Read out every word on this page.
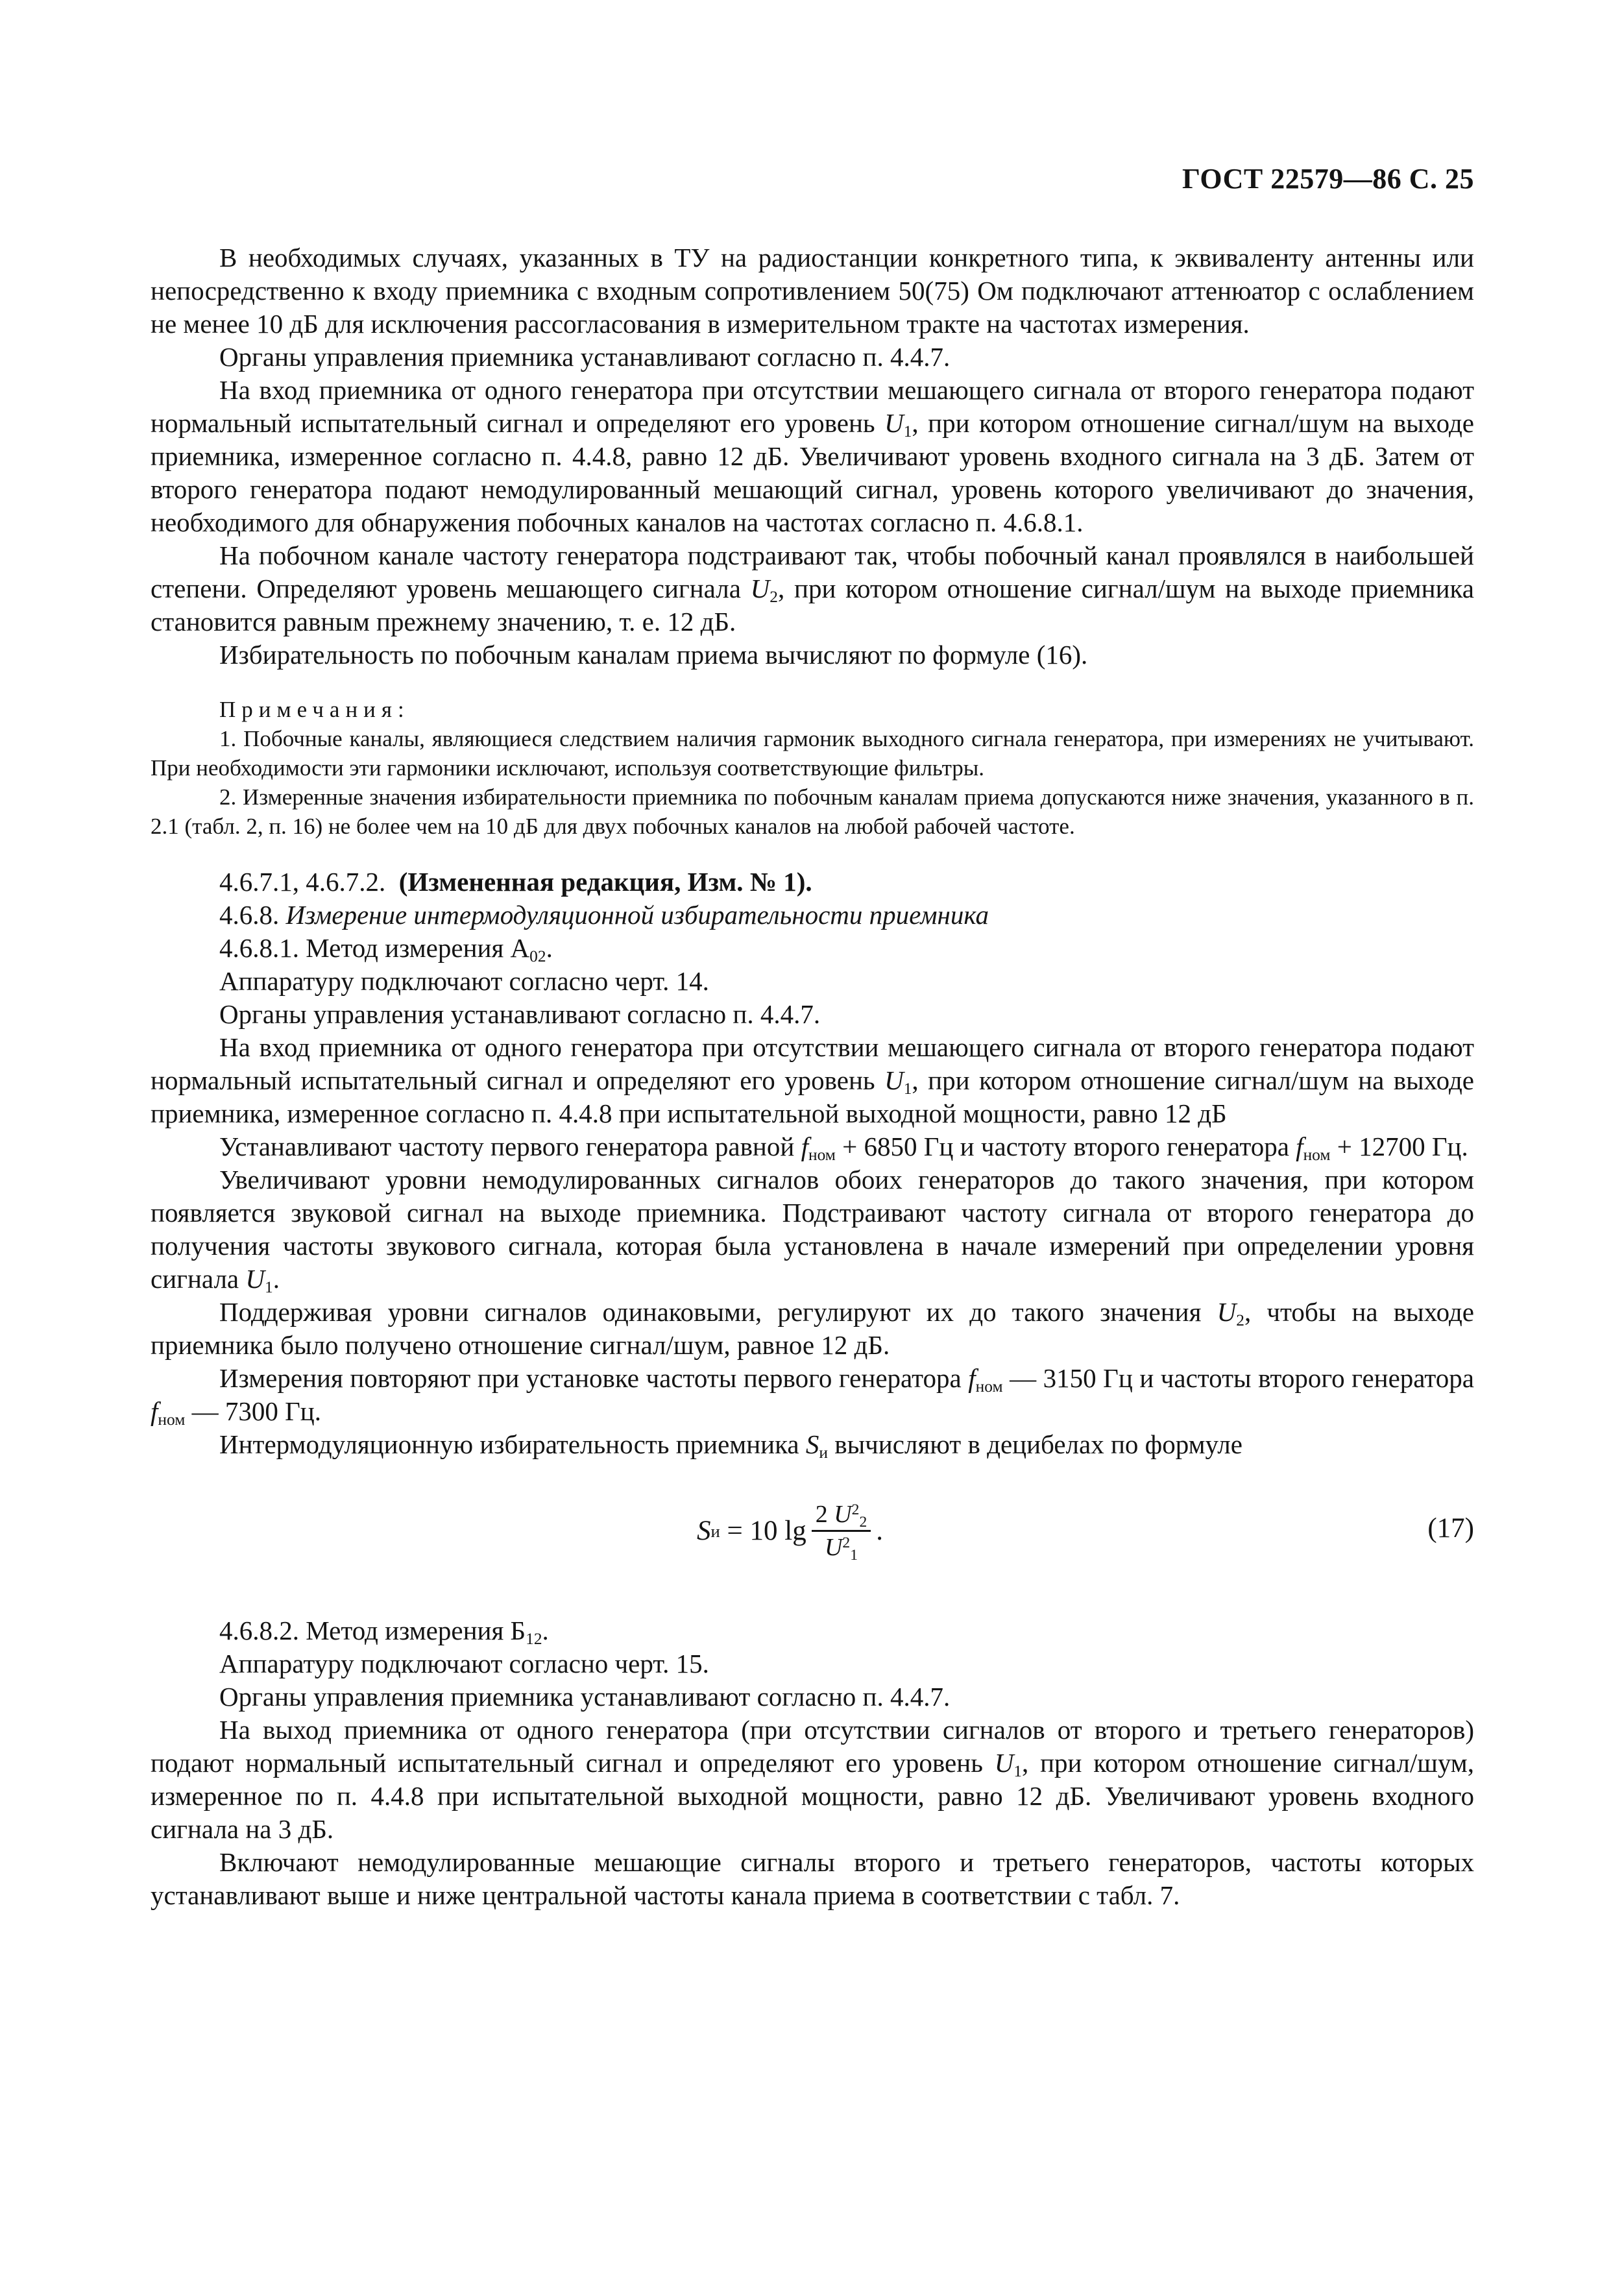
ГОСТ 22579—86 С. 25

В необходимых случаях, указанных в ТУ на радиостанции конкретного типа, к эквиваленту антенны или непосредственно к входу приемника с входным сопротивлением 50(75) Ом подключают аттенюатор с ослаблением не менее 10 дБ для исключения рассогласования в измерительном тракте на частотах измерения.

Органы управления приемника устанавливают согласно п. 4.4.7.

На вход приемника от одного генератора при отсутствии мешающего сигнала от второго генератора подают нормальный испытательный сигнал и определяют его уровень $U_1$, при котором отношение сигнал/шум на выходе приемника, измеренное согласно п. 4.4.8, равно 12 дБ. Увеличивают уровень входного сигнала на 3 дБ. Затем от второго генератора подают немодулированный мешающий сигнал, уровень которого увеличивают до значения, необходимого для обнаружения побочных каналов на частотах согласно п. 4.6.8.1.

На побочном канале частоту генератора подстраивают так, чтобы побочный канал проявлялся в наибольшей степени. Определяют уровень мешающего сигнала $U_2$, при котором отношение сигнал/шум на выходе приемника становится равным прежнему значению, т. е. 12 дБ.

Избирательность по побочным каналам приема вычисляют по формуле (16).

Примечания:

1. Побочные каналы, являющиеся следствием наличия гармоник выходного сигнала генератора, при измерениях не учитывают. При необходимости эти гармоники исключают, используя соответствующие фильтры.

2. Измеренные значения избирательности приемника по побочным каналам приема допускаются ниже значения, указанного в п. 2.1 (табл. 2, п. 16) не более чем на 10 дБ для двух побочных каналов на любой рабочей частоте.

4.6.7.1, 4.6.7.2. (Измененная редакция, Изм. № 1).

4.6.8. Измерение интермодуляционной избирательности приемника

4.6.8.1. Метод измерения $А_{02}$.

Аппаратуру подключают согласно черт. 14.

Органы управления устанавливают согласно п. 4.4.7.

На вход приемника от одного генератора при отсутствии мешающего сигнала от второго генератора подают нормальный испытательный сигнал и определяют его уровень $U_1$, при котором отношение сигнал/шум на выходе приемника, измеренное согласно п. 4.4.8 при испытательной выходной мощности, равно 12 дБ

Устанавливают частоту первого генератора равной $f_{ном} + 6850$ Гц и частоту второго генератора $f_{ном} + 12700$ Гц.

Увеличивают уровни немодулированных сигналов обоих генераторов до такого значения, при котором появляется звуковой сигнал на выходе приемника. Подстраивают частоту сигнала от второго генератора до получения частоты звукового сигнала, которая была установлена в начале измерений при определении уровня сигнала $U_1$.

Поддерживая уровни сигналов одинаковыми, регулируют их до такого значения $U_2$, чтобы на выходе приемника было получено отношение сигнал/шум, равное 12 дБ.

Измерения повторяют при установке частоты первого генератора $f_{ном}$ — 3150 Гц и частоты второго генератора $f_{ном}$ — 7300 Гц.

Интермодуляционную избирательность приемника $S_и$ вычисляют в децибелах по формуле

S и = 10 $\lg \frac{2 U^2_2}{U^2_1}$ .	(17)

4.6.8.2. Метод измерения $Б_{12}$.

Аппаратуру подключают согласно черт. 15.

Органы управления приемника устанавливают согласно п. 4.4.7.

На выход приемника от одного генератора (при отсутствии сигналов от второго и третьего генераторов) подают нормальный испытательный сигнал и определяют его уровень $U_1$, при котором отношение сигнал/шум, измеренное по п. 4.4.8 при испытательной выходной мощности, равно 12 дБ. Увеличивают уровень входного сигнала на 3 дБ.

Включают немодулированные мешающие сигналы второго и третьего генераторов, частоты которых устанавливают выше и ниже центральной частоты канала приема в соответствии с табл. 7.
